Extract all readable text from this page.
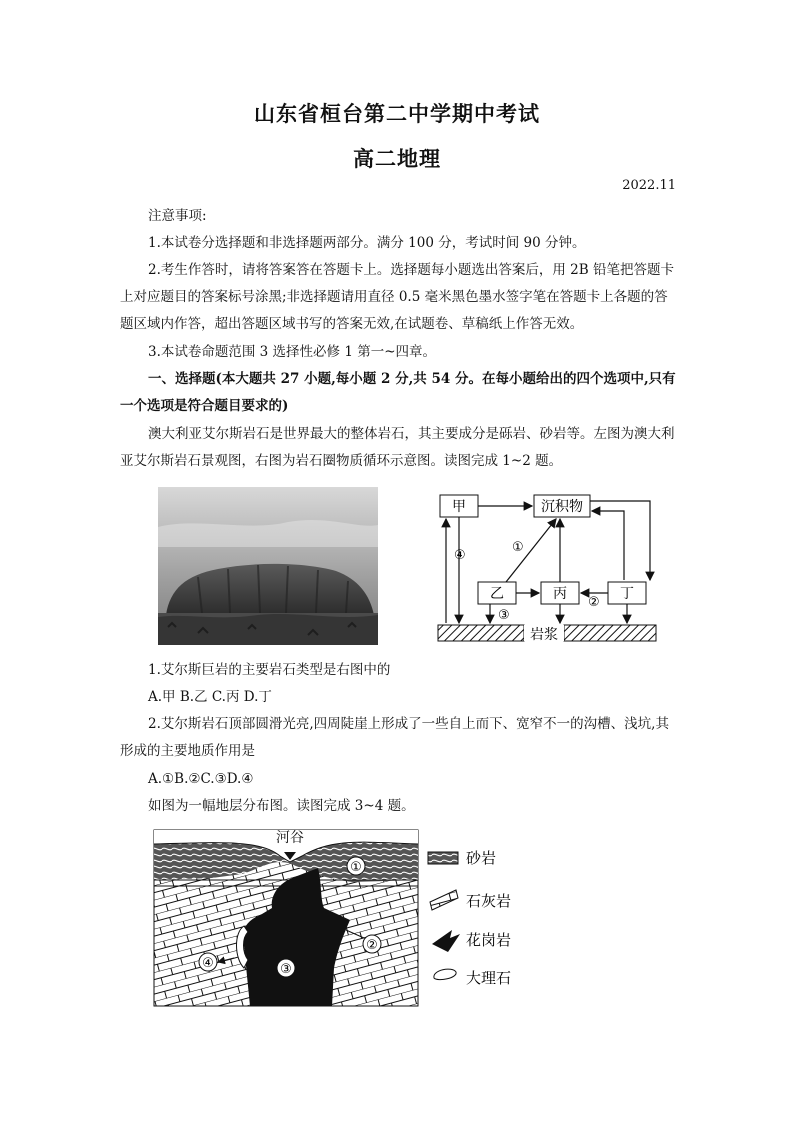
山东省桓台第二中学期中考试
高二地理
2022.11
注意事项:
1.本试卷分选择题和非选择题两部分。满分 100 分，考试时间 90 分钟。
2.考生作答时，请将答案答在答题卡上。选择题每小题选出答案后，用 2B 铅笔把答题卡上对应题目的答案标号涂黑;非选择题请用直径 0.5 毫米黑色墨水签字笔在答题卡上各题的答题区域内作答，超出答题区域书写的答案无效,在试题卷、草稿纸上作答无效。
3.本试卷命题范围 3 选择性必修 1 第一~四章。
一、选择题(本大题共 27 小题,每小题 2 分,共 54 分。在每小题给出的四个选项中,只有一个选项是符合题目要求的)
澳大利亚艾尔斯岩石是世界最大的整体岩石，其主要成分是砾岩、砂岩等。左图为澳大利亚艾尔斯岩石景观图，右图为岩石圈物质循环示意图。读图完成 1~2 题。
岩浆
甲	沉积物
乙	丙	丁
①
②
③
④
1.艾尔斯巨岩的主要岩石类型是右图中的
A.甲 B.乙 C.丙 D.丁
2.艾尔斯岩石顶部圆滑光亮,四周陡崖上形成了一些自上而下、宽窄不一的沟槽、浅坑,其形成的主要地质作用是
A.①B.②C.③D.④
如图为一幅地层分布图。读图完成 3~4 题。
河谷
①
②
③
④
砂岩
石灰岩
花岗岩
大理石
